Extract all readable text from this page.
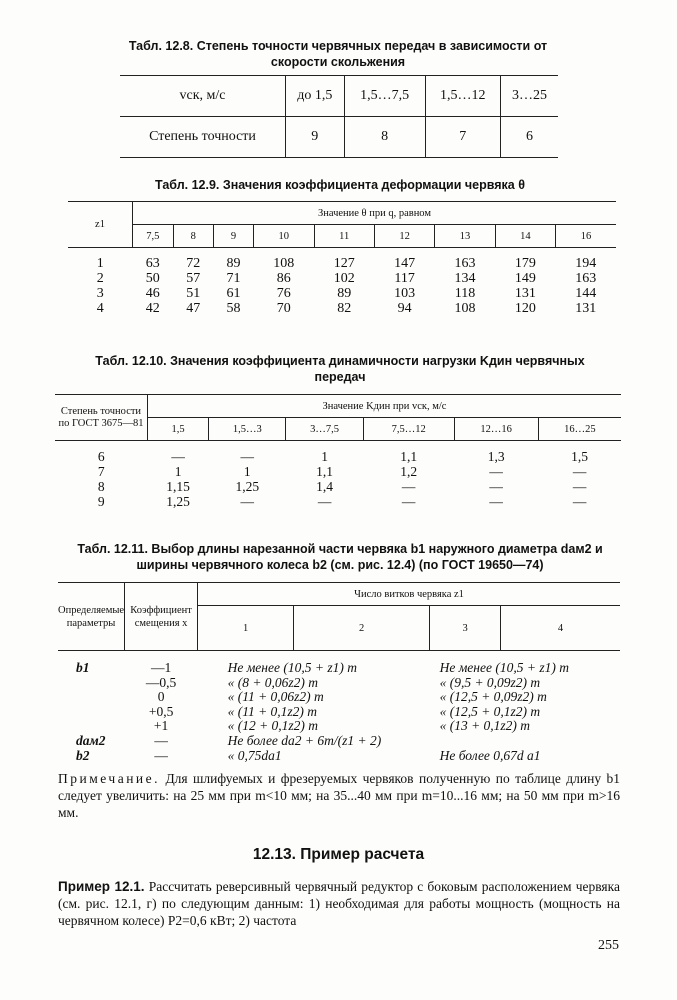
Табл. 12.8. Степень точности червячных передач в зависимости от скорости скольжения
vск, м/с	до 1,5	1,5…7,5	1,5…12	3…25
Степень точности	9	8	7	6
Табл. 12.9. Значения коэффициента деформации червяка θ
z1	Значение θ при q, равном								
	7,5	8	9	10	11	12	13	14	16
1	63	72	89	108	127	147	163	179	194
2	50	57	71	86	102	117	134	149	163
3	46	51	61	76	89	103	118	131	144
4	42	47	58	70	82	94	108	120	131
Табл. 12.10. Значения коэффициента динамичности нагрузки Kдин червячных передач
Степень точности по ГОСТ 3675—81	Значение Kдин при vск, м/с					
	1,5	1,5…3	3…7,5	7,5…12	12…16	16…25
6	—	—	1	1,1	1,3	1,5
7	1	1	1,1	1,2	—	—
8	1,15	1,25	1,4	—	—	—
9	1,25	—	—	—	—	—
Табл. 12.11. Выбор длины нарезанной части червяка b1 наружного диаметра dам2 и ширины червячного колеса b2 (см. рис. 12.4) (по ГОСТ 19650—74)
Определяемые параметры	Коэффициент смещения x	Число витков червяка z1			
		1	2	3	4
b1	—1	Не менее (10,5 + z1) m		Не менее (10,5 + z1) m	
	—0,5	« (8 + 0,06z2) m		« (9,5 + 0,09z2) m	
	0	« (11 + 0,06z2) m		« (12,5 + 0,09z2) m	
	+0,5	« (11 + 0,1z2) m		« (12,5 + 0,1z2) m	
	+1	« (12 + 0,1z2) m		« (13 + 0,1z2) m	
dам2	—	Не более da2 + 6m/(z1 + 2)			
b2	—	« 0,75da1		Не более 0,67d a1	
Примечание. Для шлифуемых и фрезеруемых червяков полученную по таблице длину b1 следует увеличить: на 25 мм при m<10 мм; на 35...40 мм при m=10...16 мм; на 50 мм при m>16 мм.
12.13. Пример расчета
Пример 12.1. Рассчитать реверсивный червячный редуктор с боковым расположением червяка (см. рис. 12.1, г) по следующим данным: 1) необходимая для работы мощность (мощность на червячном колесе) P2=0,6 кВт; 2) частота
255
